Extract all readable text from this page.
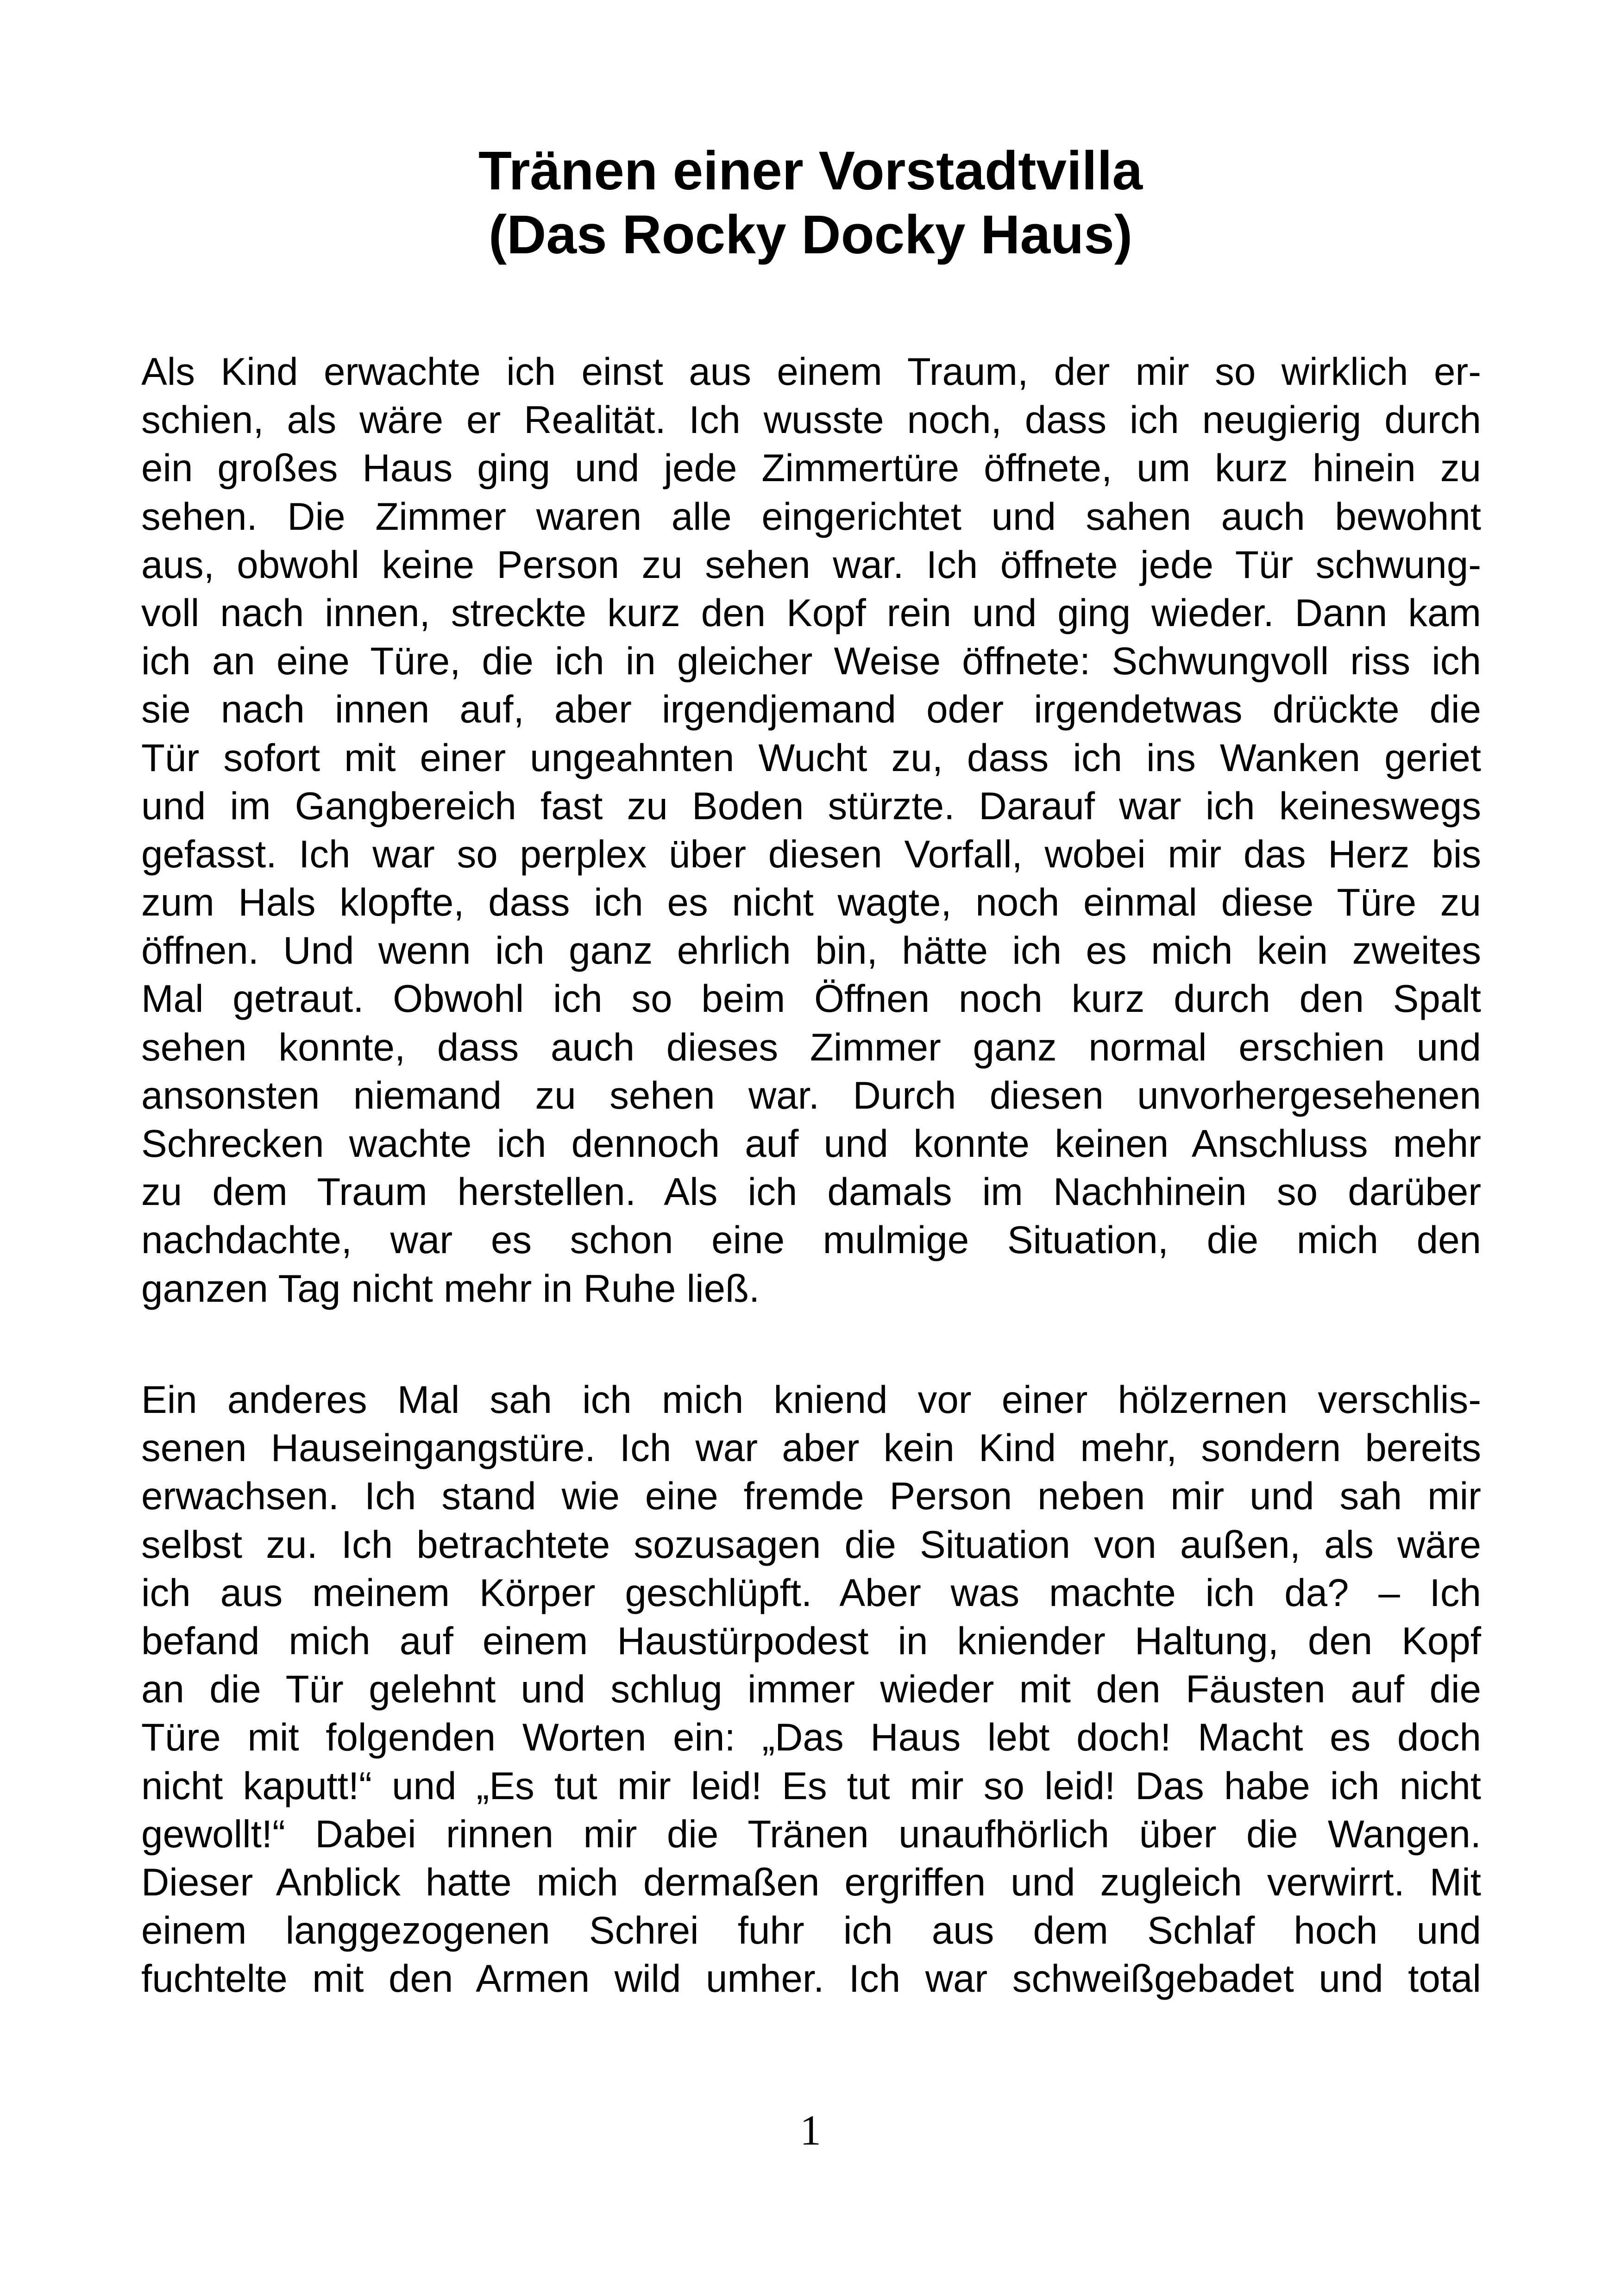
Tränen einer Vorstadtvilla
(Das Rocky Docky Haus)
Als Kind erwachte ich einst aus einem Traum, der mir so wirklich er-
schien, als wäre er Realität. Ich wusste noch, dass ich neugierig durch
ein großes Haus ging und jede Zimmertüre öffnete, um kurz hinein zu
sehen. Die Zimmer waren alle eingerichtet und sahen auch bewohnt
aus, obwohl keine Person zu sehen war. Ich öffnete jede Tür schwung-
voll nach innen, streckte kurz den Kopf rein und ging wieder. Dann kam
ich an eine Türe, die ich in gleicher Weise öffnete: Schwungvoll riss ich
sie nach innen auf, aber irgendjemand oder irgendetwas drückte die
Tür sofort mit einer ungeahnten Wucht zu, dass ich ins Wanken geriet
und im Gangbereich fast zu Boden stürzte. Darauf war ich keineswegs
gefasst. Ich war so perplex über diesen Vorfall, wobei mir das Herz bis
zum Hals klopfte, dass ich es nicht wagte, noch einmal diese Türe zu
öffnen. Und wenn ich ganz ehrlich bin, hätte ich es mich kein zweites
Mal getraut. Obwohl ich so beim Öffnen noch kurz durch den Spalt
sehen konnte, dass auch dieses Zimmer ganz normal erschien und
ansonsten niemand zu sehen war. Durch diesen unvorhergesehenen
Schrecken wachte ich dennoch auf und konnte keinen Anschluss mehr
zu dem Traum herstellen. Als ich damals im Nachhinein so darüber
nachdachte, war es schon eine mulmige Situation, die mich den
ganzen Tag nicht mehr in Ruhe ließ.
Ein anderes Mal sah ich mich kniend vor einer hölzernen verschlis-
senen Hauseingangstüre. Ich war aber kein Kind mehr, sondern bereits
erwachsen. Ich stand wie eine fremde Person neben mir und sah mir
selbst zu. Ich betrachtete sozusagen die Situation von außen, als wäre
ich aus meinem Körper geschlüpft. Aber was machte ich da? – Ich
befand mich auf einem Haustürpodest in kniender Haltung, den Kopf
an die Tür gelehnt und schlug immer wieder mit den Fäusten auf die
Türe mit folgenden Worten ein: „Das Haus lebt doch! Macht es doch
nicht kaputt!“ und „Es tut mir leid! Es tut mir so leid! Das habe ich nicht
gewollt!“ Dabei rinnen mir die Tränen unaufhörlich über die Wangen.
Dieser Anblick hatte mich dermaßen ergriffen und zugleich verwirrt. Mit
einem langgezogenen Schrei fuhr ich aus dem Schlaf hoch und
fuchtelte mit den Armen wild umher. Ich war schweißgebadet und total
1
